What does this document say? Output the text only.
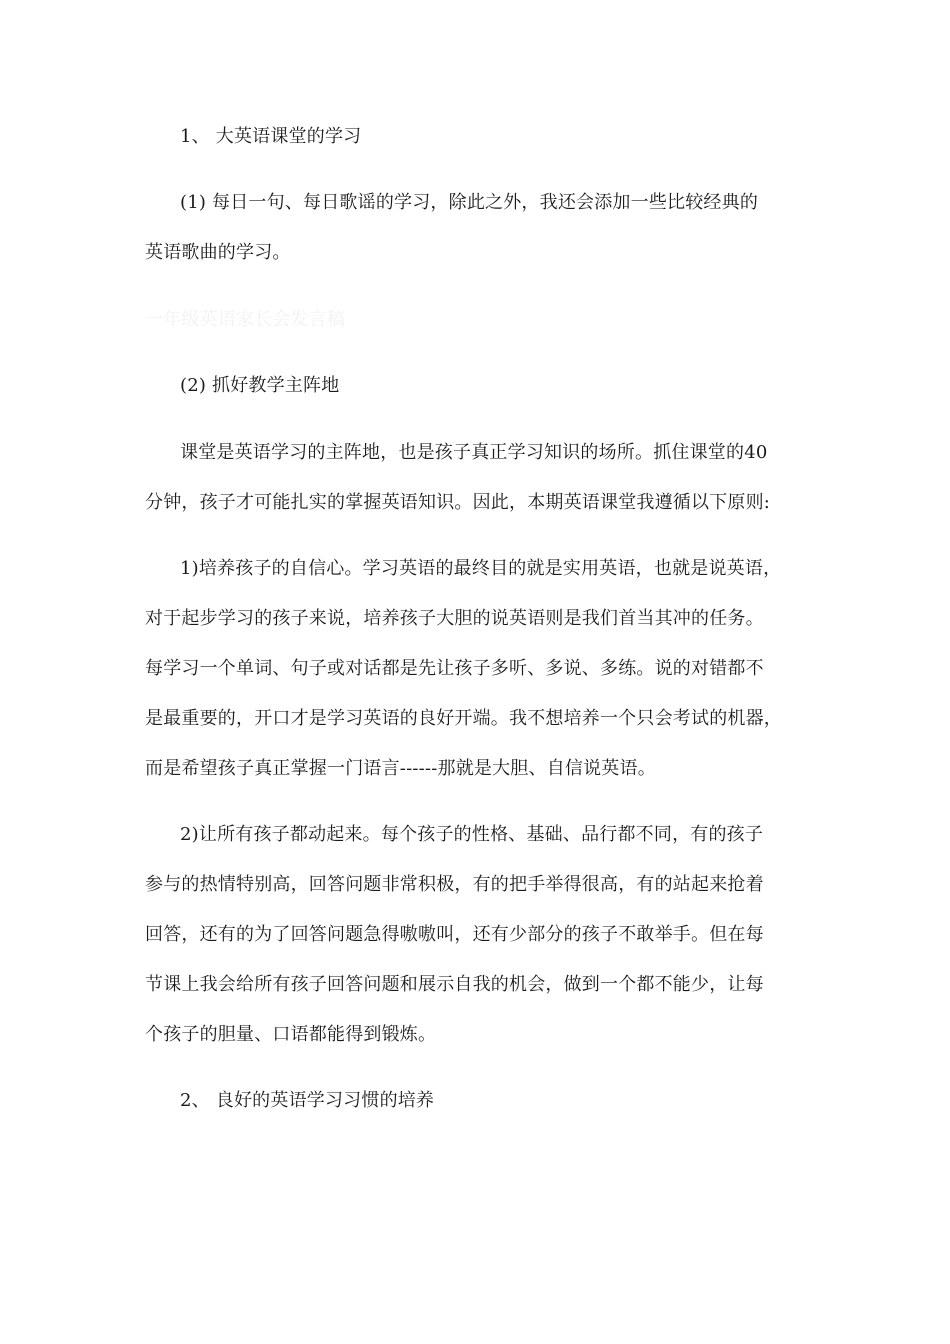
1、 大英语课堂的学习
(1) 每日一句、每日歌谣的学习，除此之外，我还会添加一些比较经典的
英语歌曲的学习。
一年级英语家长会发言稿
(2) 抓好教学主阵地
课堂是英语学习的主阵地，也是孩子真正学习知识的场所。抓住课堂的40
分钟，孩子才可能扎实的掌握英语知识。因此，本期英语课堂我遵循以下原则:
1)培养孩子的自信心。学习英语的最终目的就是实用英语，也就是说英语，
对于起步学习的孩子来说，培养孩子大胆的说英语则是我们首当其冲的任务。
每学习一个单词、句子或对话都是先让孩子多听、多说、多练。说的对错都不
是最重要的，开口才是学习英语的良好开端。我不想培养一个只会考试的机器，
而是希望孩子真正掌握一门语言------那就是大胆、自信说英语。
2)让所有孩子都动起来。每个孩子的性格、基础、品行都不同，有的孩子
参与的热情特别高，回答问题非常积极，有的把手举得很高，有的站起来抢着
回答，还有的为了回答问题急得嗷嗷叫，还有少部分的孩子不敢举手。但在每
节课上我会给所有孩子回答问题和展示自我的机会，做到一个都不能少，让每
个孩子的胆量、口语都能得到锻炼。
2、 良好的英语学习习惯的培养
